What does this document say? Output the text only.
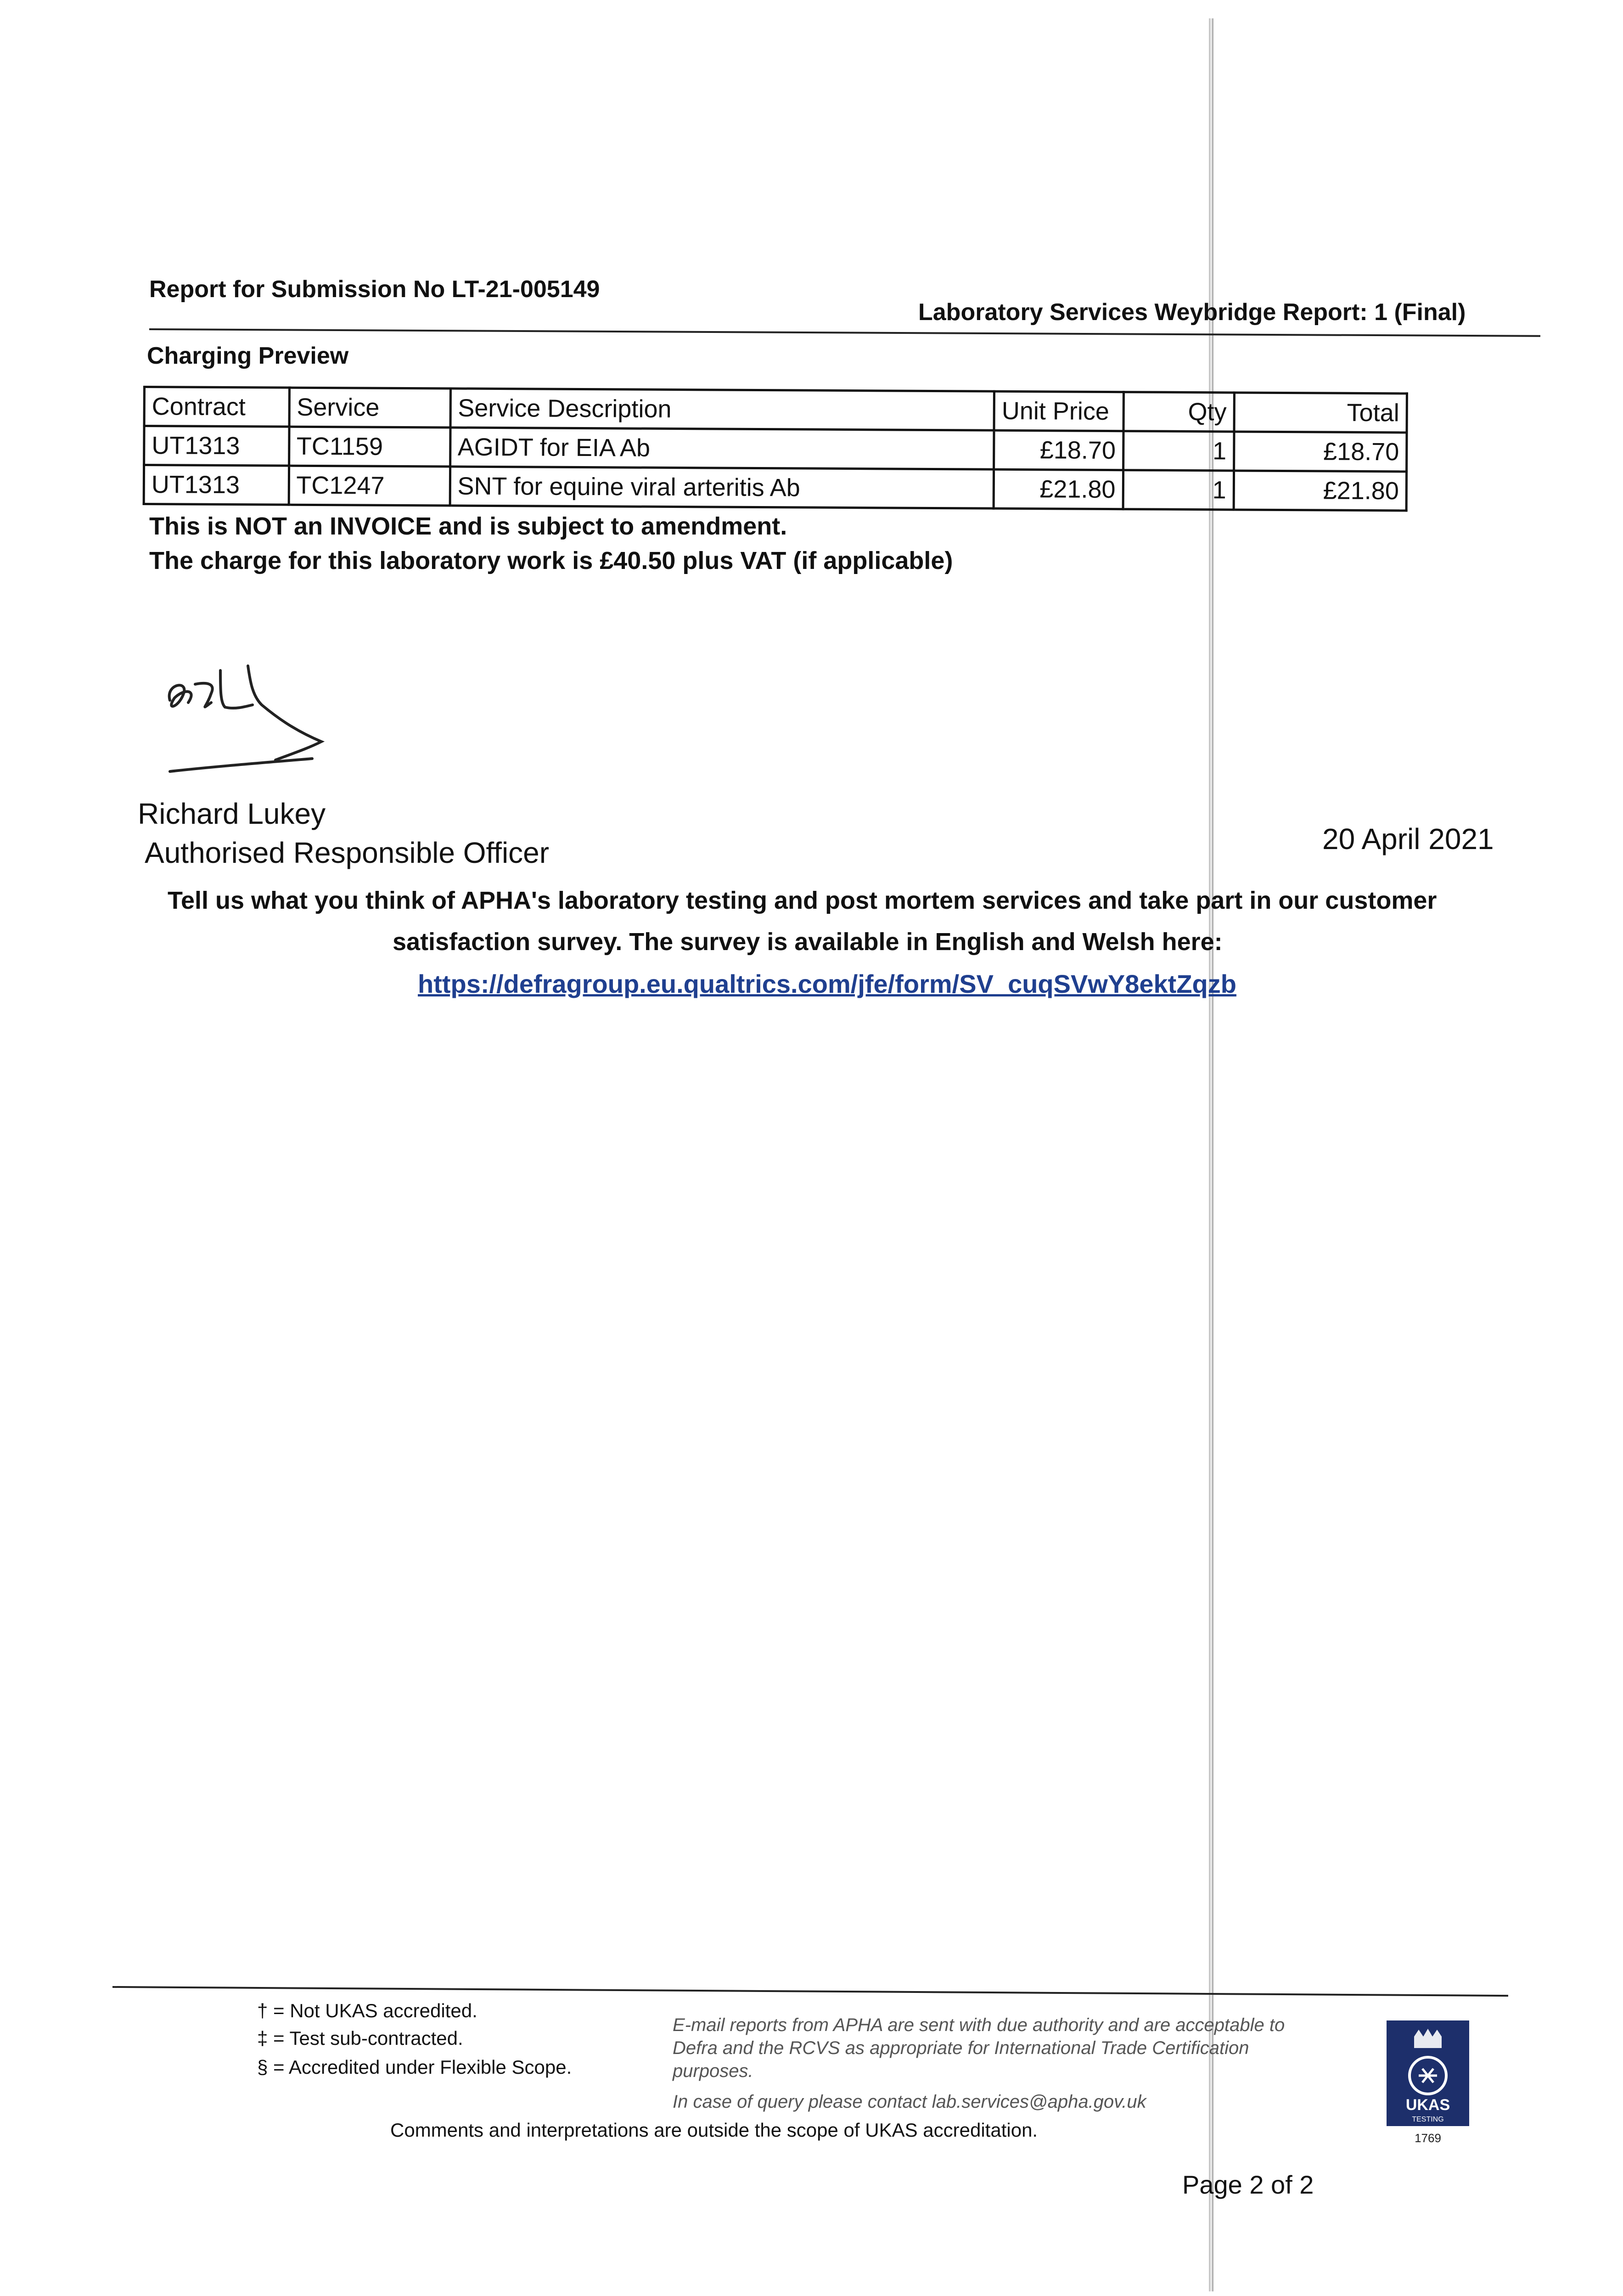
Report for Submission No LT-21-005149
Laboratory Services Weybridge Report: 1 (Final)
Charging Preview
Contract	Service	Service Description	Unit Price	Qty	Total
UT1313	TC1159	AGIDT for EIA Ab	£18.70	1	£18.70
UT1313	TC1247	SNT for equine viral arteritis Ab	£21.80	1	£21.80
This is NOT an INVOICE and is subject to amendment.
The charge for this laboratory work is £40.50 plus VAT (if applicable)
Richard Lukey
Authorised Responsible Officer	20 April 2021
Tell us what you think of APHA's laboratory testing and post mortem services and take part in our customer
satisfaction survey. The survey is available in English and Welsh here:
https://defragroup.eu.qualtrics.com/jfe/form/SV_cuqSVwY8ektZqzb
† = Not UKAS accredited.
‡ = Test sub-contracted.
§ = Accredited under Flexible Scope.
E-mail reports from APHA are sent with due authority and are acceptable to Defra and the RCVS as appropriate for International Trade Certification purposes.
In case of query please contact lab.services@apha.gov.uk
Comments and interpretations are outside the scope of UKAS accreditation.
UKAS
TESTING
1769
Page 2 of 2
